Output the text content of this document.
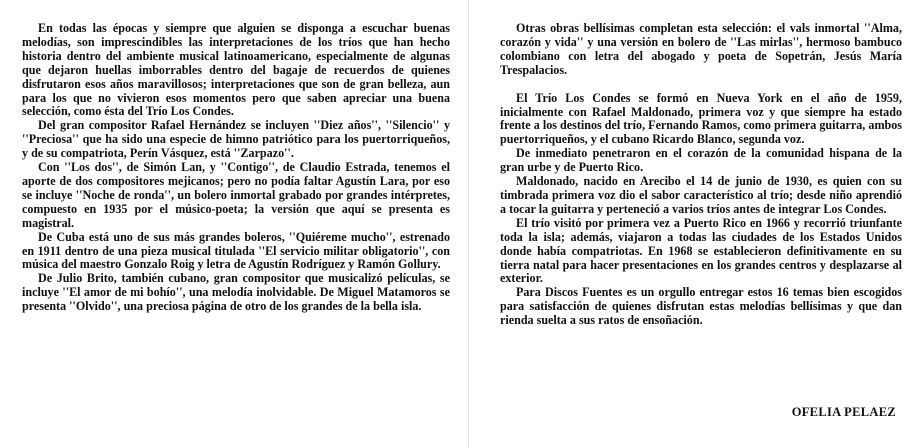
En todas las épocas y siempre que alguien se disponga a escuchar buenas melodías, son imprescindibles las interpretaciones de los tríos que han hecho historia dentro del ambiente musical latinoamericano, especialmente de algunas que dejaron huellas imborrables dentro del bagaje de recuerdos de quienes disfrutaron esos años maravillosos; interpretaciones que son de gran belleza, aun para los que no vivieron esos momentos pero que saben apreciar una buena selección, como ésta del Trío Los Condes.

Del gran compositor Rafael Hernández se incluyen ''Diez años'', ''Silencio'' y ''Preciosa'' que ha sido una especie de himno patriótico para los puertorriqueños, y de su compatriota, Perín Vásquez, está ''Zarpazo''.

Con ''Los dos'', de Simón Lan, y ''Contigo'', de Claudio Estrada, tenemos el aporte de dos compositores mejicanos; pero no podía faltar Agustín Lara, por eso se incluye ''Noche de ronda'', un bolero inmortal grabado por grandes intérpretes, compuesto en 1935 por el músico-poeta; la versión que aquí se presenta es magistral.

De Cuba está uno de sus más grandes boleros, ''Quiéreme mucho'', estrenado en 1911 dentro de una pieza musical titulada ''El servicio militar obligatorio'', con música del maestro Gonzalo Roig y letra de Agustín Rodríguez y Ramón Gollury.

De Julio Brito, también cubano, gran compositor que musicalizó películas, se incluye ''El amor de mi bohío'', una melodía inolvidable. De Miguel Matamoros se presenta ''Olvido'', una preciosa página de otro de los grandes de la bella isla.

Otras obras bellísimas completan esta selección: el vals inmortal ''Alma, corazón y vida'' y una versión en bolero de ''Las mirlas'', hermoso bambuco colombiano con letra del abogado y poeta de Sopetrán, Jesús María Trespalacios.

El Trío Los Condes se formó en Nueva York en el año de 1959, inicialmente con Rafael Maldonado, primera voz y que siempre ha estado frente a los destinos del trío, Fernando Ramos, como primera guitarra, ambos puertorriqueños, y el cubano Ricardo Blanco, segunda voz.

De inmediato penetraron en el corazón de la comunidad hispana de la gran urbe y de Puerto Rico.

Maldonado, nacido en Arecibo el 14 de junio de 1930, es quien con su timbrada primera voz dio el sabor característico al trío; desde niño aprendió a tocar la guitarra y perteneció a varios tríos antes de integrar Los Condes.

El trío visitó por primera vez a Puerto Rico en 1966 y recorrió triunfante toda la isla; además, viajaron a todas las ciudades de los Estados Unidos donde había compatriotas. En 1968 se establecieron definitivamente en su tierra natal para hacer presentaciones en los grandes centros y desplazarse al exterior.

Para Discos Fuentes es un orgullo entregar estos 16 temas bien escogidos para satisfacción de quienes disfrutan estas melodías bellísimas y que dan rienda suelta a sus ratos de ensoñación.

OFELIA PELAEZ
